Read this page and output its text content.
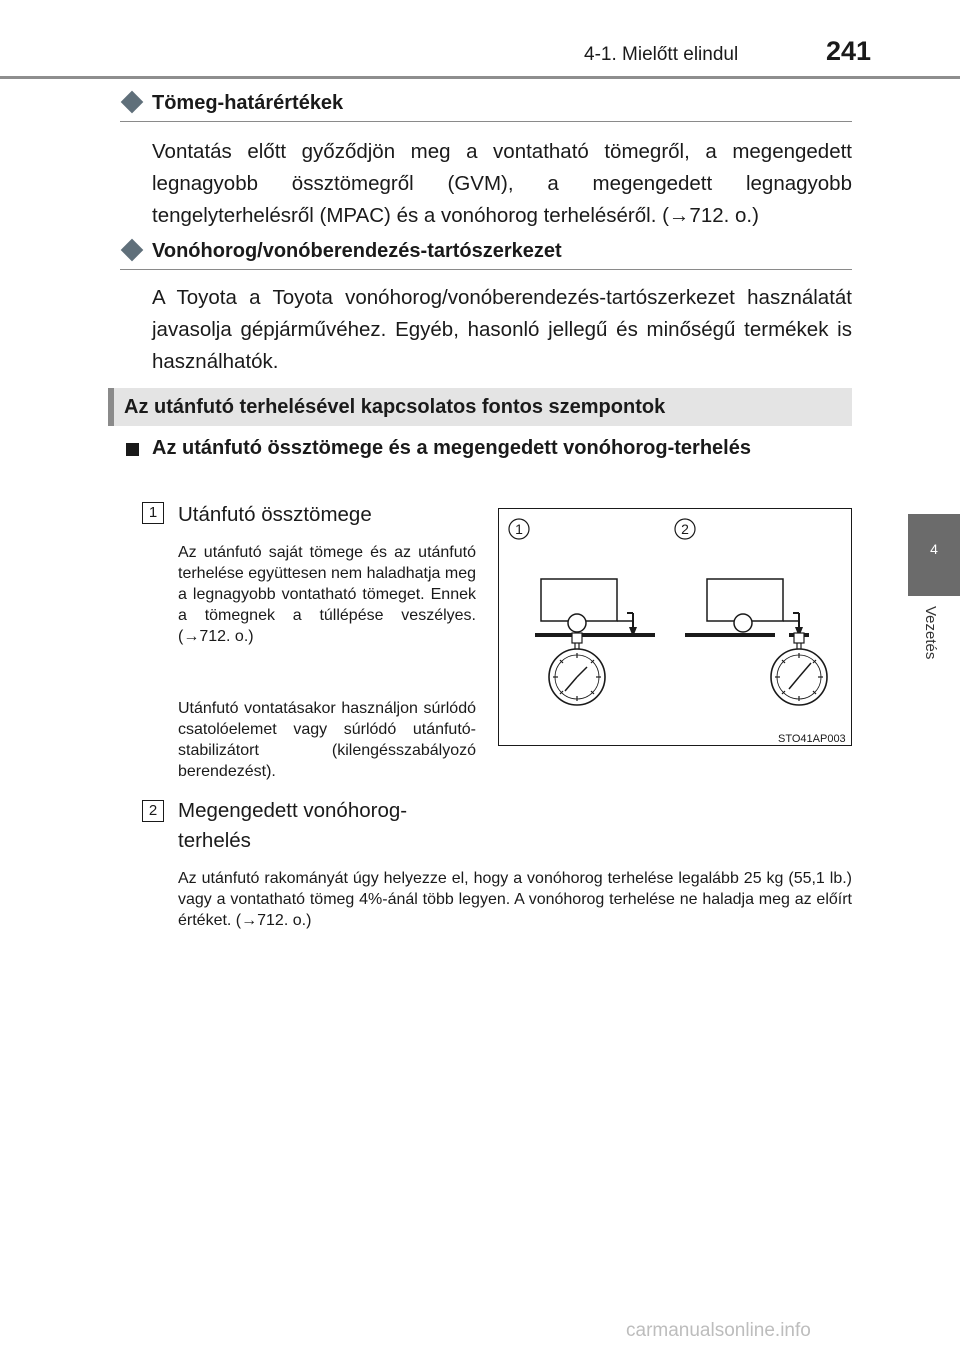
4-1. Mielőtt elindul	241
4
Vezetés
Tömeg-határértékek
Vontatás előtt győződjön meg a vontatható tömegről, a megengedett legnagyobb össztömegről (GVM), a megengedett legnagyobb tengelyterhelésről (MPAC) és a vonóhorog terheléséről. (→712. o.)
Vonóhorog/vonóberendezés-tartószerkezet
A Toyota a Toyota vonóhorog/vonóberendezés-tartószerkezet használatát javasolja gépjárművéhez. Egyéb, hasonló jellegű és minőségű termékek is használhatók.
Az utánfutó terhelésével kapcsolatos fontos szempontok
Az utánfutó össztömege és a megengedett vonóhorog-terhelés
1	Utánfutó össztömege
Az utánfutó saját tömege és az utánfutó terhelése együttesen nem haladhatja meg a legnagyobb vontatható tömeget. Ennek a tömegnek a túllépése veszélyes. (→712. o.)
Utánfutó vontatásakor használjon súrlódó csatolóelemet vagy súrlódó utánfutó-stabilizátort (kilengésszabályozó berendezést).
2	Megengedett vonóhorog-
terhelés
Az utánfutó rakományát úgy helyezze el, hogy a vonóhorog terhelése legalább 25 kg (55,1 lb.) vagy a vontatható tömeg 4%-ánál több legyen. A vonóhorog terhelése ne haladja meg az előírt értéket. (→712. o.)
1	2
STO41AP003
carmanualsonline.info
